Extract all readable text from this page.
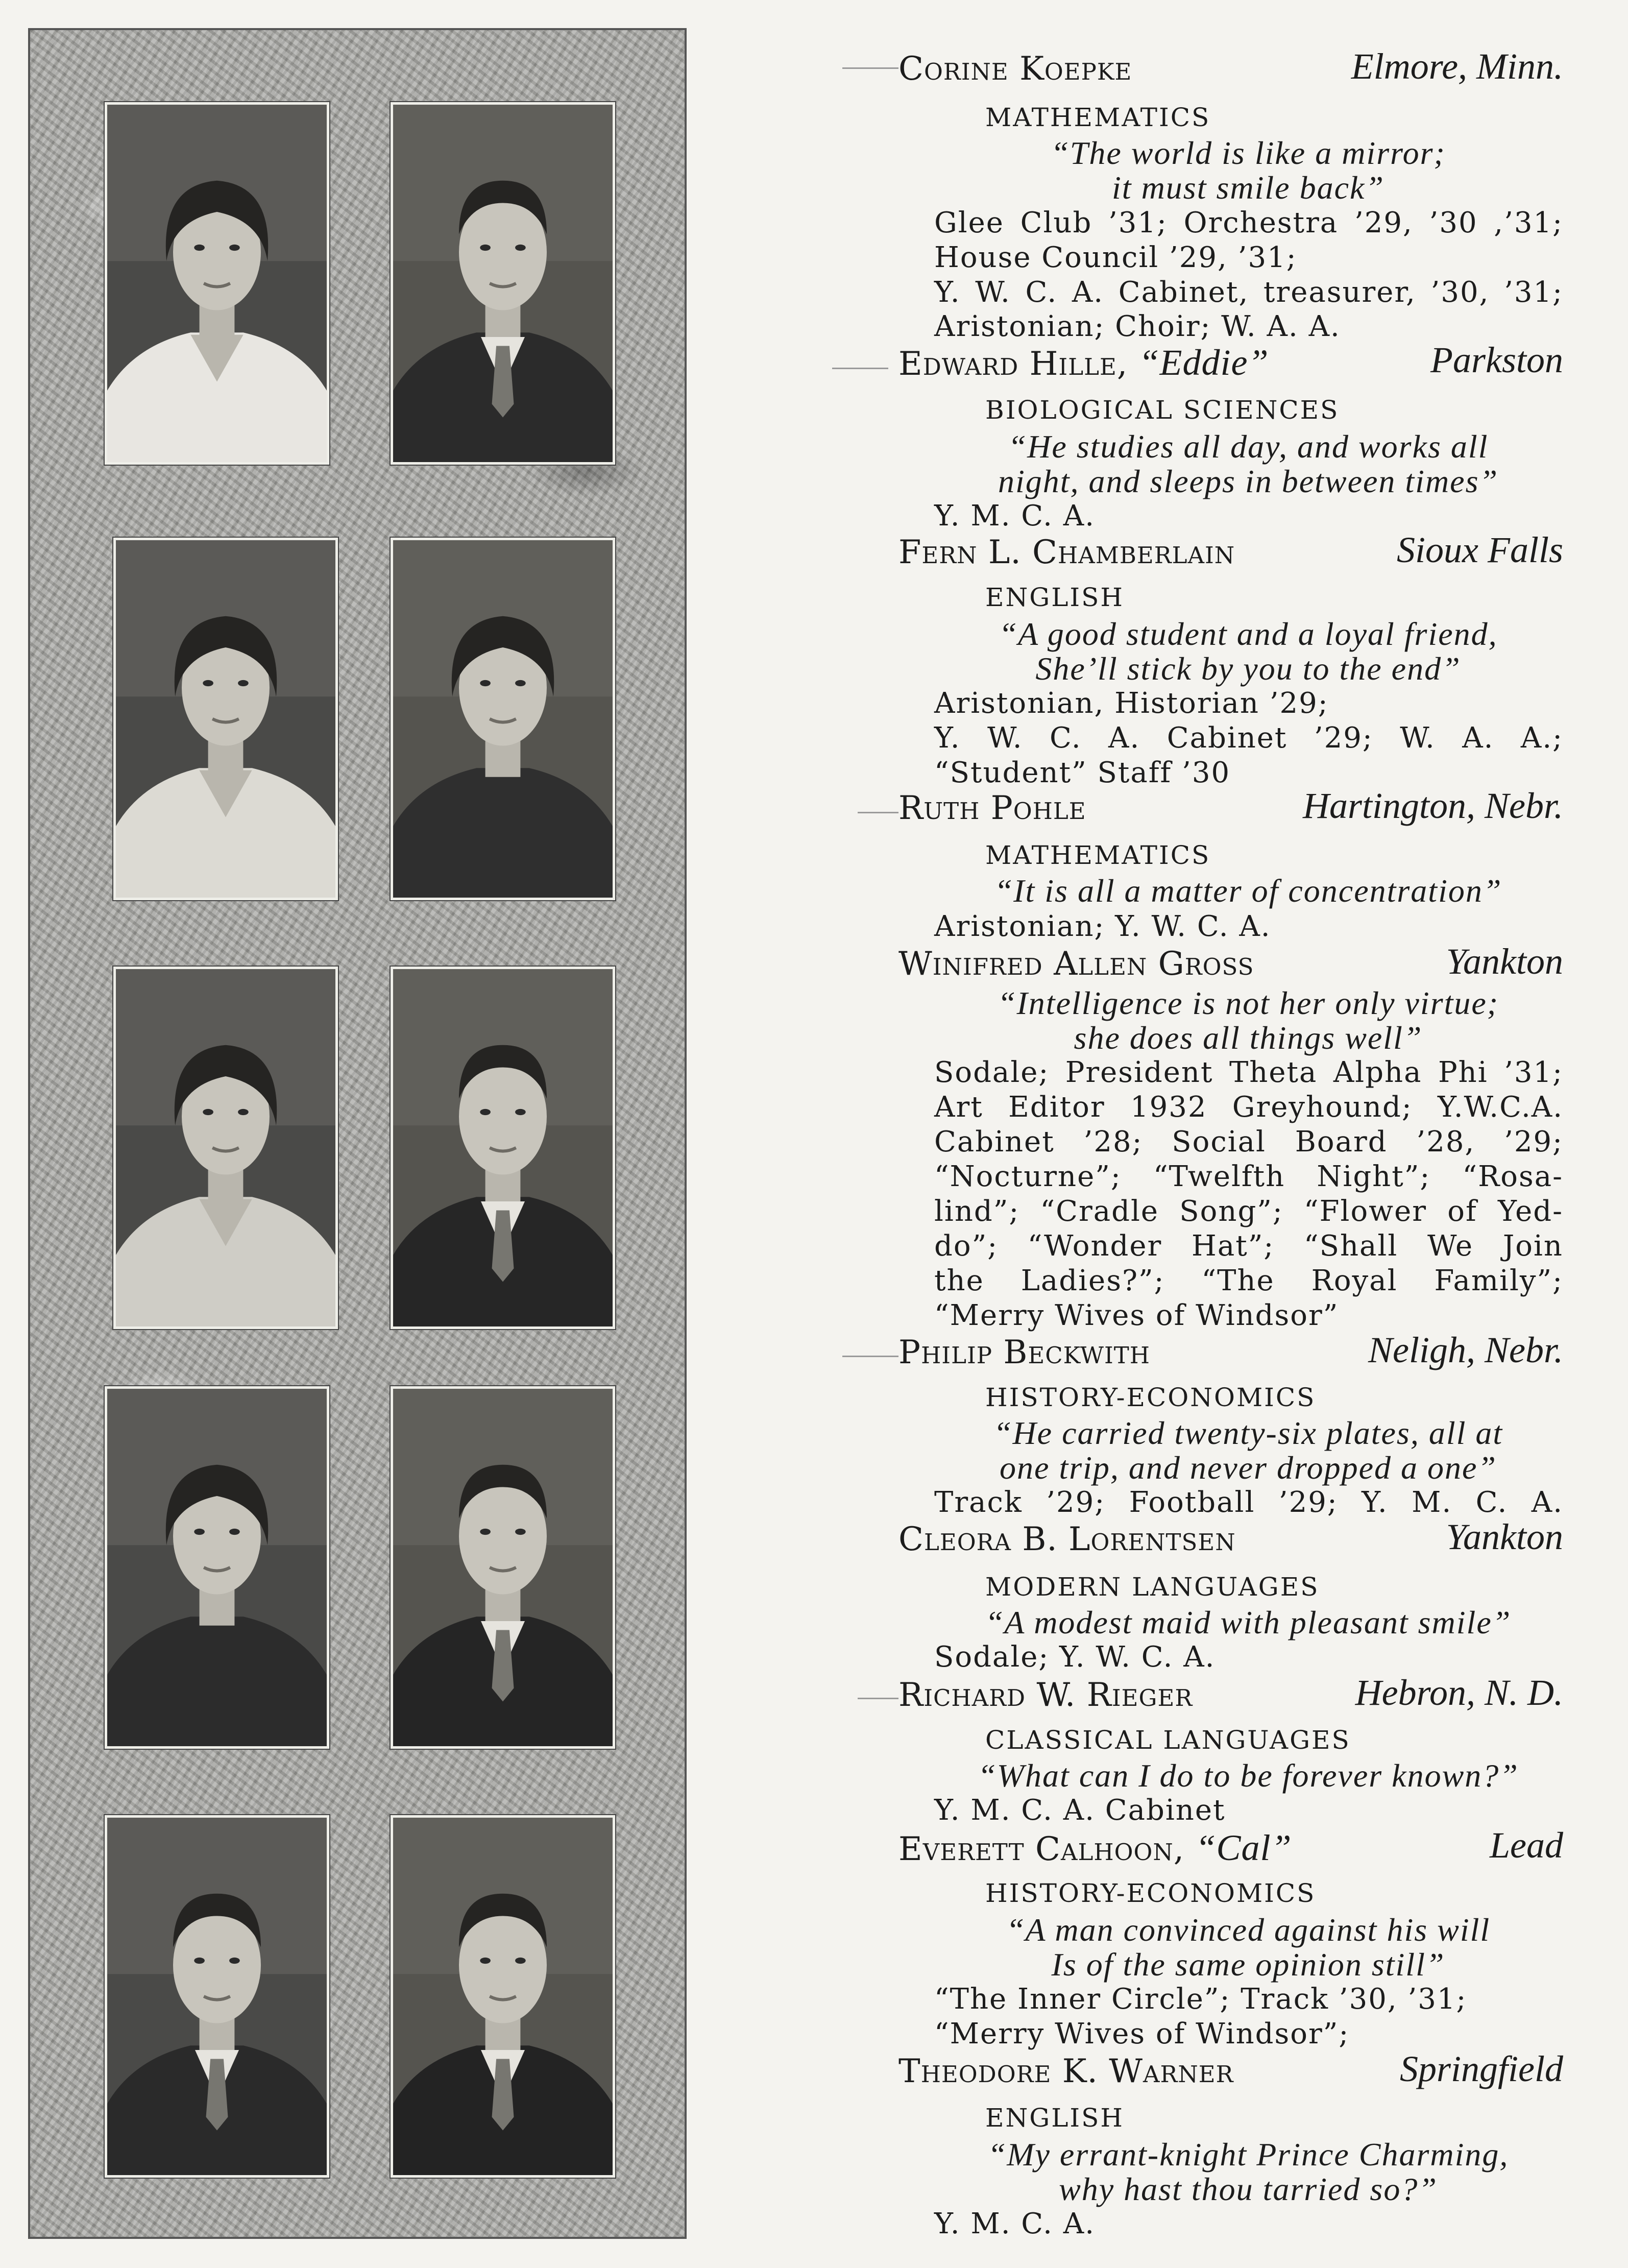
Corine Koepke	Elmore, Minn.
MATHEMATICS
“The world is like a mirror;
it must smile back”
Glee Club ’31; Orchestra ’29, ’30 ,’31;
House Council ’29, ’31;
Y. W. C. A. Cabinet, treasurer, ’30, ’31;
Aristonian; Choir; W. A. A.
Edward Hille, “Eddie”	Parkston
BIOLOGICAL SCIENCES
“He studies all day, and works all
night, and sleeps in between times”
Y. M. C. A.
Fern L. Chamberlain	Sioux Falls
ENGLISH
“A good student and a loyal friend,
She’ll stick by you to the end”
Aristonian, Historian ’29;
Y. W. C. A. Cabinet ’29; W. A. A.;
“Student” Staff ’30
Ruth Pohle	Hartington, Nebr.
MATHEMATICS
“It is all a matter of concentration”
Aristonian; Y. W. C. A.
Winifred Allen Gross	Yankton
“Intelligence is not her only virtue;
she does all things well”
Sodale; President Theta Alpha Phi ’31;
Art Editor 1932 Greyhound; Y.W.C.A.
Cabinet ’28; Social Board ’28, ’29;
“Nocturne”; “Twelfth Night”; “Rosa-
lind”; “Cradle Song”; “Flower of Yed-
do”; “Wonder Hat”; “Shall We Join
the Ladies?”; “The Royal Family”;
“Merry Wives of Windsor”
Philip Beckwith	Neligh, Nebr.
HISTORY-ECONOMICS
“He carried twenty-six plates, all at
one trip, and never dropped a one”
Track ’29; Football ’29; Y. M. C. A.
Cleora B. Lorentsen	Yankton
MODERN LANGUAGES
“A modest maid with pleasant smile”
Sodale; Y. W. C. A.
Richard W. Rieger	Hebron, N. D.
CLASSICAL LANGUAGES
“What can I do to be forever known?”
Y. M. C. A. Cabinet
Everett Calhoon, “Cal”	Lead
HISTORY-ECONOMICS
“A man convinced against his will
Is of the same opinion still”
“The Inner Circle”; Track ’30, ’31;
“Merry Wives of Windsor”;
Theodore K. Warner	Springfield
ENGLISH
“My errant-knight Prince Charming,
why hast thou tarried so?”
Y. M. C. A.
